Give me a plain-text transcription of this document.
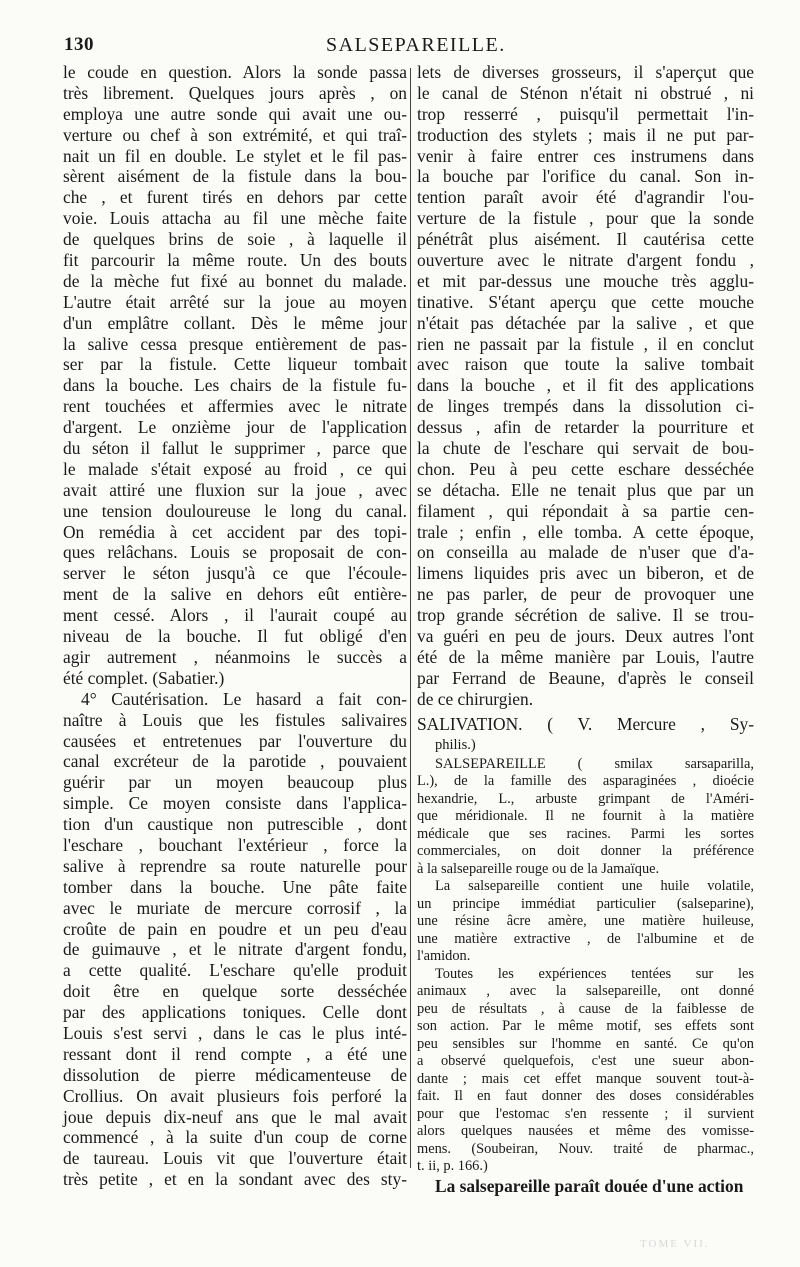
130	SALSEPAREILLE.
le coude en question. Alors la sonde passa
très librement. Quelques jours après , on
employa une autre sonde qui avait une ou-
verture ou chef à son extrémité, et qui traî-
nait un fil en double. Le stylet et le fil pas-
sèrent aisément de la fistule dans la bou-
che , et furent tirés en dehors par cette
voie. Louis attacha au fil une mèche faite
de quelques brins de soie , à laquelle il
fit parcourir la même route. Un des bouts
de la mèche fut fixé au bonnet du malade.
L'autre était arrêté sur la joue au moyen
d'un emplâtre collant. Dès le même jour
la salive cessa presque entièrement de pas-
ser par la fistule. Cette liqueur tombait
dans la bouche. Les chairs de la fistule fu-
rent touchées et affermies avec le nitrate
d'argent. Le onzième jour de l'application
du séton il fallut le supprimer , parce que
le malade s'était exposé au froid , ce qui
avait attiré une fluxion sur la joue , avec
une tension douloureuse le long du canal.
On remédia à cet accident par des topi-
ques relâchans. Louis se proposait de con-
server le séton jusqu'à ce que l'écoule-
ment de la salive en dehors eût entière-
ment cessé. Alors , il l'aurait coupé au
niveau de la bouche. Il fut obligé d'en
agir autrement , néanmoins le succès a
été complet. (Sabatier.)
4° Cautérisation. Le hasard a fait con-
naître à Louis que les fistules salivaires
causées et entretenues par l'ouverture du
canal excréteur de la parotide , pouvaient
guérir par un moyen beaucoup plus
simple. Ce moyen consiste dans l'applica-
tion d'un caustique non putrescible , dont
l'eschare , bouchant l'extérieur , force la
salive à reprendre sa route naturelle pour
tomber dans la bouche. Une pâte faite
avec le muriate de mercure corrosif , la
croûte de pain en poudre et un peu d'eau
de guimauve , et le nitrate d'argent fondu,
a cette qualité. L'eschare qu'elle produit
doit être en quelque sorte desséchée
par des applications toniques. Celle dont
Louis s'est servi , dans le cas le plus inté-
ressant dont il rend compte , a été une
dissolution de pierre médicamenteuse de
Crollius. On avait plusieurs fois perforé la
joue depuis dix-neuf ans que le mal avait
commencé , à la suite d'un coup de corne
de taureau. Louis vit que l'ouverture était
très petite , et en la sondant avec des sty-
lets de diverses grosseurs, il s'aperçut que
le canal de Sténon n'était ni obstrué , ni
trop resserré , puisqu'il permettait l'in-
troduction des stylets ; mais il ne put par-
venir à faire entrer ces instrumens dans
la bouche par l'orifice du canal. Son in-
tention paraît avoir été d'agrandir l'ou-
verture de la fistule , pour que la sonde
pénétrât plus aisément. Il cautérisa cette
ouverture avec le nitrate d'argent fondu ,
et mit par-dessus une mouche très agglu-
tinative. S'étant aperçu que cette mouche
n'était pas détachée par la salive , et que
rien ne passait par la fistule , il en conclut
avec raison que toute la salive tombait
dans la bouche , et il fit des applications
de linges trempés dans la dissolution ci-
dessus , afin de retarder la pourriture et
la chute de l'eschare qui servait de bou-
chon. Peu à peu cette eschare desséchée
se détacha. Elle ne tenait plus que par un
filament , qui répondait à sa partie cen-
trale ; enfin , elle tomba. A cette époque,
on conseilla au malade de n'user que d'a-
limens liquides pris avec un biberon, et de
ne pas parler, de peur de provoquer une
trop grande sécrétion de salive. Il se trou-
va guéri en peu de jours. Deux autres l'ont
été de la même manière par Louis, l'autre
par Ferrand de Beaune, d'après le conseil
de ce chirurgien.
SALIVATION. ( V. Mercure , Sy-
philis.)
SALSEPAREILLE ( smilax sarsaparilla,
L.), de la famille des asparaginées , dioécie
hexandrie, L., arbuste grimpant de l'Améri-
que méridionale. Il ne fournit à la matière
médicale que ses racines. Parmi les sortes
commerciales, on doit donner la préférence
à la salsepareille rouge ou de la Jamaïque.
La salsepareille contient une huile volatile,
un principe immédiat particulier (salseparine),
une résine âcre amère, une matière huileuse,
une matière extractive , de l'albumine et de
l'amidon.
Toutes les expériences tentées sur les
animaux , avec la salsepareille, ont donné
peu de résultats , à cause de la faiblesse de
son action. Par le même motif, ses effets sont
peu sensibles sur l'homme en santé. Ce qu'on
a observé quelquefois, c'est une sueur abon-
dante ; mais cet effet manque souvent tout-à-
fait. Il en faut donner des doses considérables
pour que l'estomac s'en ressente ; il survient
alors quelques nausées et même des vomisse-
mens. (Soubeiran, Nouv. traité de pharmac.,
t. ii, p. 166.)
La salsepareille paraît douée d'une action
TOME VII.
